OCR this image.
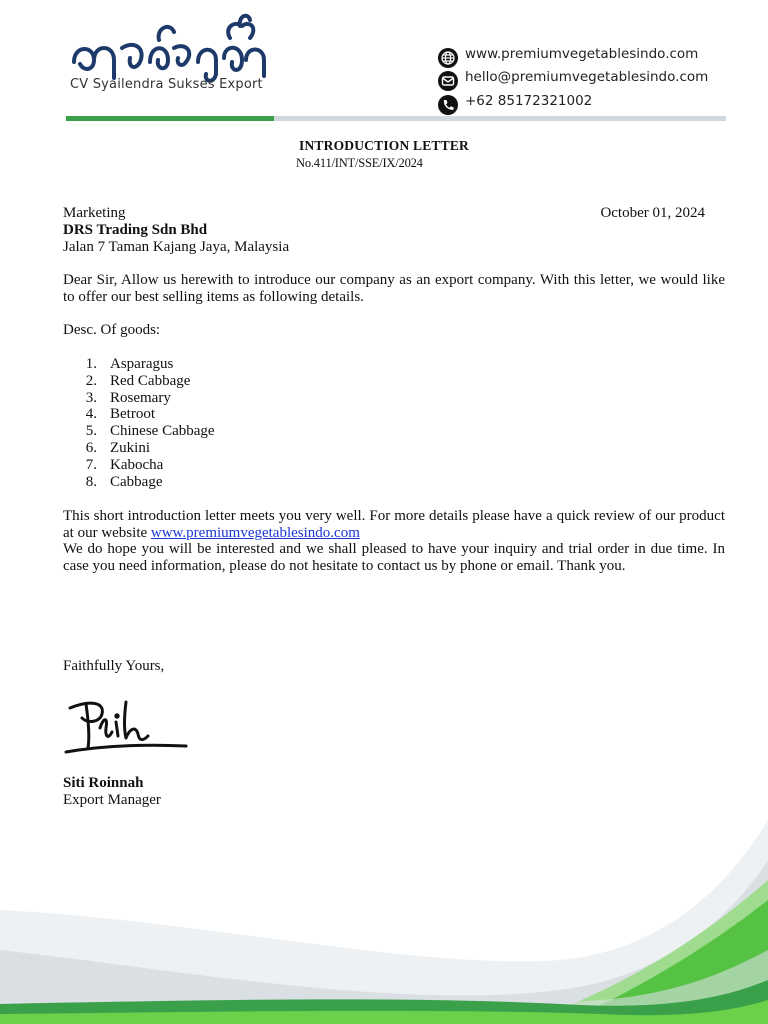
CV Syailendra Sukses Export
www.premiumvegetablesindo.com
hello@premiumvegetablesindo.com
+62 85172321002
INTRODUCTION LETTER
No.411/INT/SSE/IX/2024
Marketing
DRS Trading Sdn Bhd
Jalan 7 Taman Kajang Jaya, Malaysia
October 01, 2024
Dear Sir, Allow us herewith to introduce our company as an export company. With this letter, we would like to offer our best selling items as following details.
Desc. Of goods:
1. Asparagus
2. Red Cabbage
3. Rosemary
4. Betroot
5. Chinese Cabbage
6. Zukini
7. Kabocha
8. Cabbage
This short introduction letter meets you very well. For more details please have a quick review of our product at our website www.premiumvegetablesindo.com
We do hope you will be interested and we shall pleased to have your inquiry and trial order in due time. In case you need information, please do not hesitate to contact us by phone or email. Thank you.
Faithfully Yours,
Siti Roinnah
Export Manager
